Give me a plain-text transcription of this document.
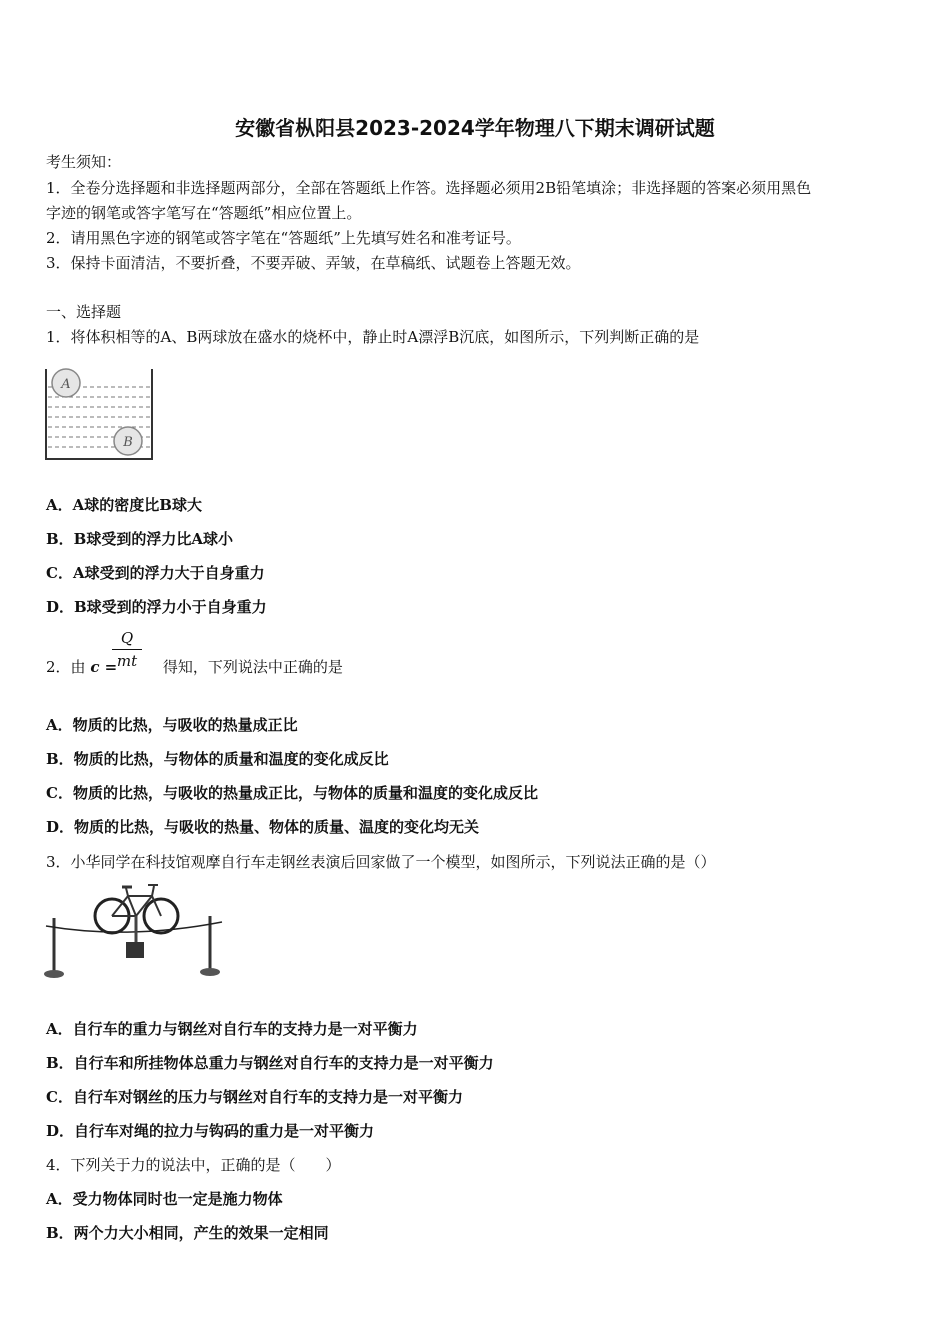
安徽省枞阳县2023-2024学年物理八下期末调研试题
考生须知：
1．全卷分选择题和非选择题两部分，全部在答题纸上作答。选择题必须用2B铅笔填涂；非选择题的答案必须用黑色
字迹的钢笔或答字笔写在“答题纸”相应位置上。
2．请用黑色字迹的钢笔或答字笔在“答题纸”上先填写姓名和准考证号。
3．保持卡面清洁，不要折叠，不要弄破、弄皱，在草稿纸、试题卷上答题无效。
一、选择题
1．将体积相等的A、B两球放在盛水的烧杯中，静止时A漂浮B沉底，如图所示，下列判断正确的是
A
B
A．A球的密度比B球大
B．B球受到的浮力比A球小
C．A球受到的浮力大于自身重力
D．B球受到的浮力小于自身重力
2．由 c =	得知，下列说法中正确的是
Q
mt
A．物质的比热，与吸收的热量成正比
B．物质的比热，与物体的质量和温度的变化成反比
C．物质的比热，与吸收的热量成正比，与物体的质量和温度的变化成反比
D．物质的比热，与吸收的热量、物体的质量、温度的变化均无关
3．小华同学在科技馆观摩自行车走钢丝表演后回家做了一个模型，如图所示，下列说法正确的是（）
A．自行车的重力与钢丝对自行车的支持力是一对平衡力
B．自行车和所挂物体总重力与钢丝对自行车的支持力是一对平衡力
C．自行车对钢丝的压力与钢丝对自行车的支持力是一对平衡力
D．自行车对绳的拉力与钩码的重力是一对平衡力
4．下列关于力的说法中，正确的是（　　）
A．受力物体同时也一定是施力物体
B．两个力大小相同，产生的效果一定相同
